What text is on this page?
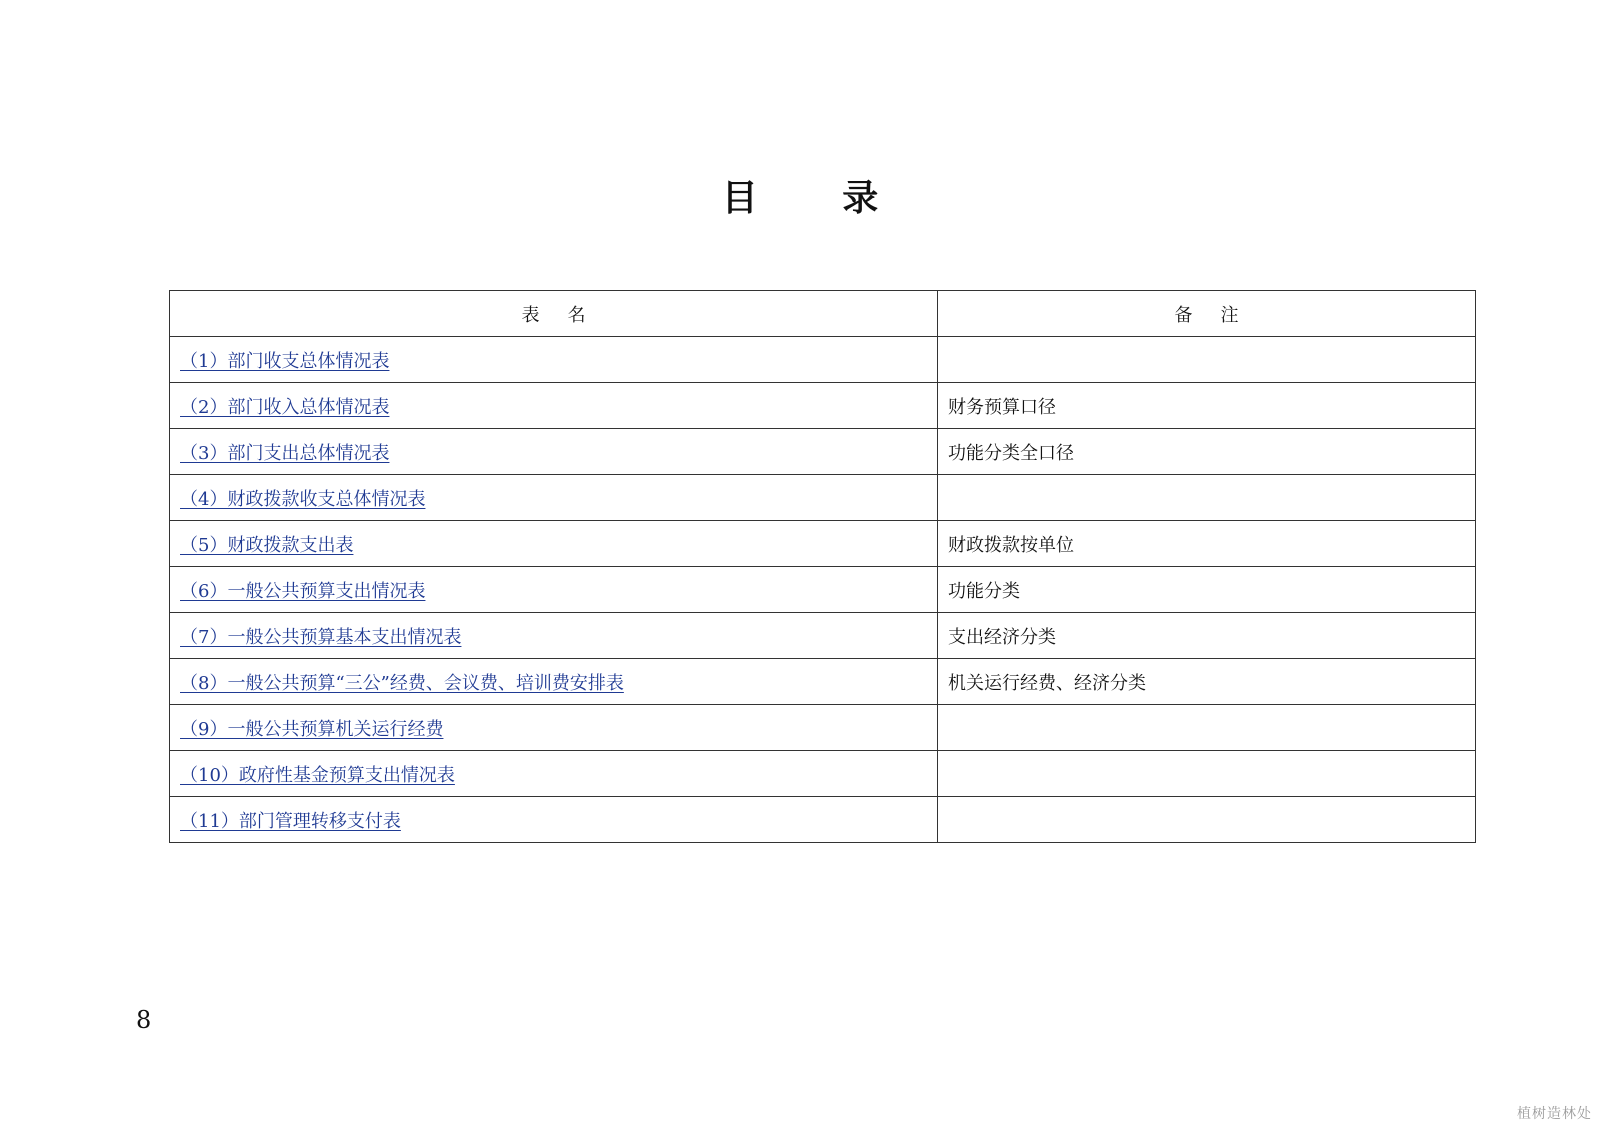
目 录
表名	备注
（1）部门收支总体情况表	
（2）部门收入总体情况表	财务预算口径
（3）部门支出总体情况表	功能分类全口径
（4）财政拨款收支总体情况表	
（5）财政拨款支出表	财政拨款按单位
（6）一般公共预算支出情况表	功能分类
（7）一般公共预算基本支出情况表	支出经济分类
（8）一般公共预算“三公”经费、会议费、培训费安排表	机关运行经费、经济分类
（9）一般公共预算机关运行经费	
（10）政府性基金预算支出情况表	
（11）部门管理转移支付表	
8
植树造林处
